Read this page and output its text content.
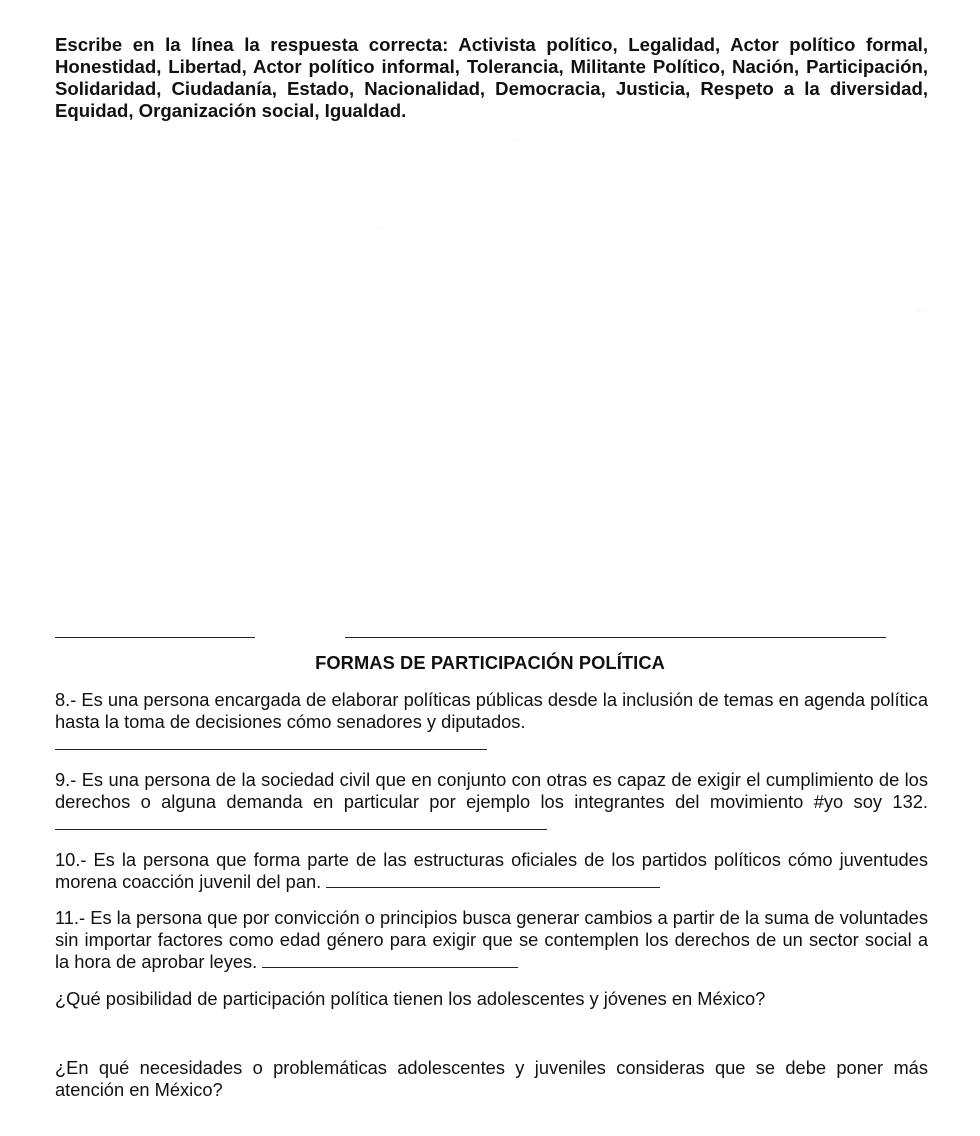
Escribe en la línea la respuesta correcta: Activista político, Legalidad, Actor político formal, Honestidad, Libertad, Actor político informal, Tolerancia, Militante Político, Nación, Participación, Solidaridad, Ciudadanía, Estado, Nacionalidad, Democracia, Justicia, Respeto a la diversidad, Equidad, Organización social, Igualdad.
·
· ·
· ·
FORMAS DE PARTICIPACIÓN POLÍTICA
8.- Es una persona encargada de elaborar políticas públicas desde la inclusión de temas en agenda política hasta la toma de decisiones cómo senadores y diputados.

9.- Es una persona de la sociedad civil que en conjunto con otras es capaz de exigir el cumplimiento de los derechos o alguna demanda en particular por ejemplo los integrantes del movimiento #yo soy 132.
10.- Es la persona que forma parte de las estructuras oficiales de los partidos políticos cómo juventudes morena coacción juvenil del pan.
11.- Es la persona que por convicción o principios busca generar cambios a partir de la suma de voluntades sin importar factores como edad género para exigir que se contemplen los derechos de un sector social a la hora de aprobar leyes.
¿Qué posibilidad de participación política tienen los adolescentes y jóvenes en México?
¿En qué necesidades o problemáticas adolescentes y juveniles consideras que se debe poner más atención en México?
